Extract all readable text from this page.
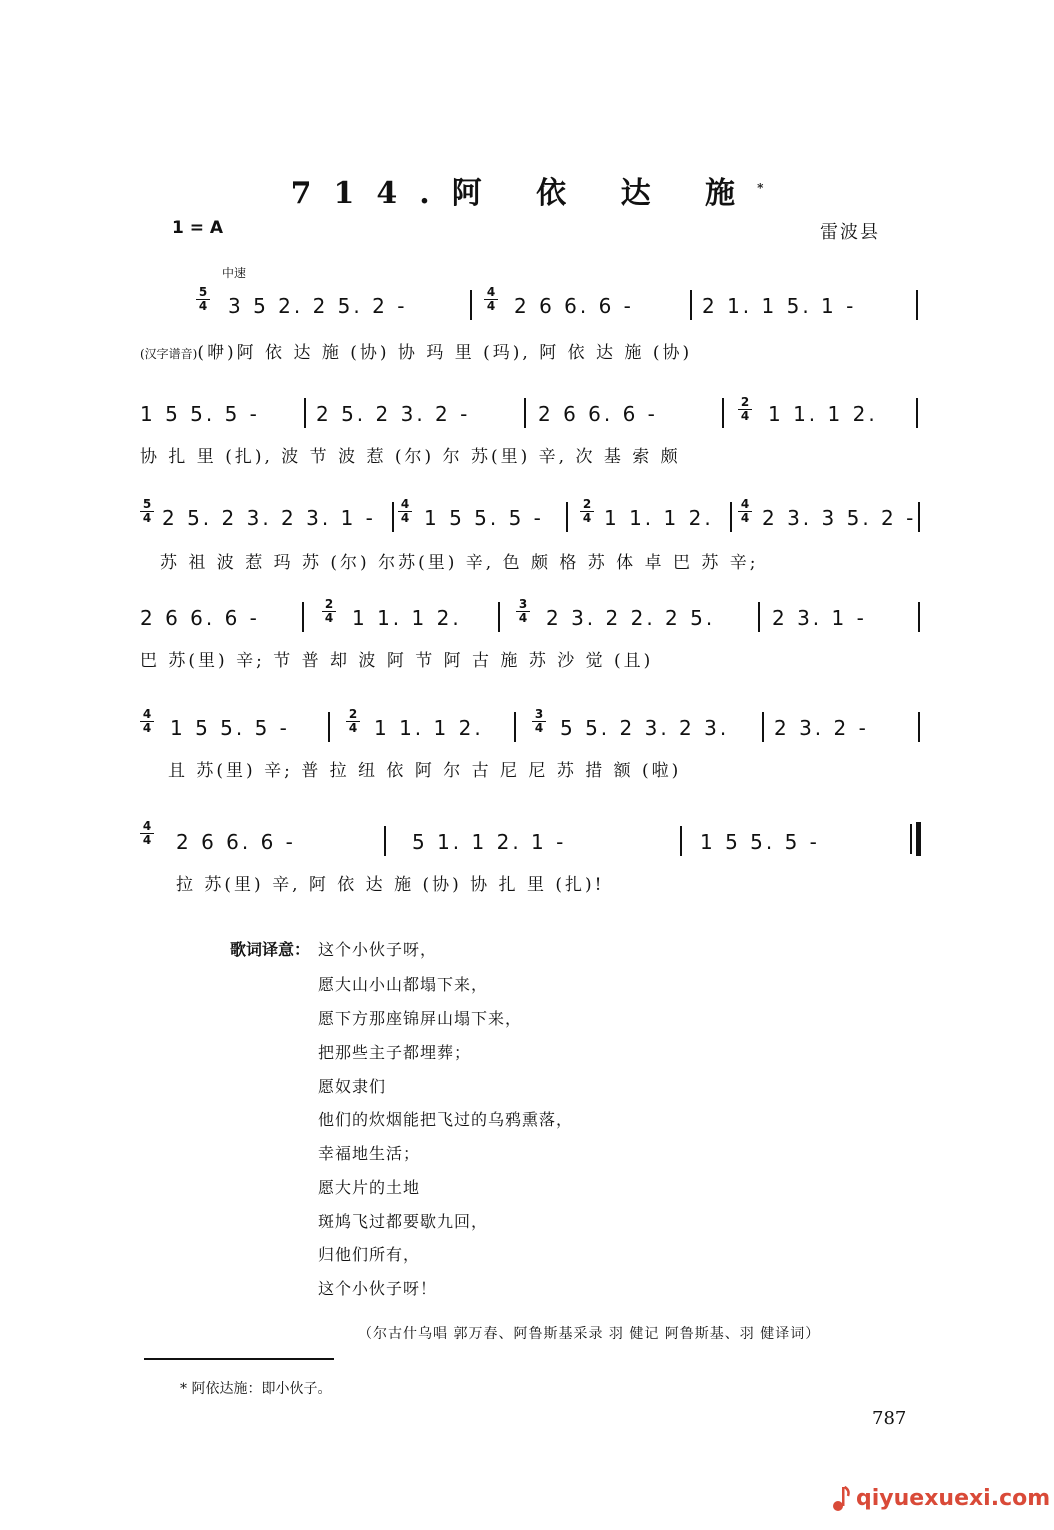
714.阿 依 达 施*
1 = A	雷波县
中速
5
4 3 5 2. 2 5. 2 -
4
4 2 6 6. 6 -	2 1. 1 5. 1 -
(汉字谱音)(咿)阿 依 达 施 (协) 协 玛 里 (玛), 阿 依 达 施 (协)
1 5 5. 5 -	2 5. 2 3. 2 -	2 6 6. 6 -	2
4 1 1. 1 2.
协 扎 里 (扎), 波 节 波 惹 (尔) 尔 苏(里) 辛, 次 基 索 颇
5
4 2 5. 2 3. 2 3. 1 -
4
4 1 5 5. 5 -
2
4 1 1. 1 2.
4
4 2 3. 3 5. 2 -
苏 祖 波 惹 玛 苏 (尔) 尔苏(里) 辛, 色 颇 格 苏 体 卓 巴 苏 辛;
2 6 6. 6 -
2
4 1 1. 1 2.
3
4 2 3. 2 2. 2 5.	2 3. 1 -
巴 苏(里) 辛; 节 普 却 波 阿 节 阿 古 施 苏 沙 觉 (且)
4
4 1 5 5. 5 -
2
4 1 1. 1 2.
3
4 5 5. 2 3. 2 3. 2 3. 2 -
且 苏(里) 辛; 普 拉 纽 依 阿 尔 古 尼 尼 苏 措 额 (啦)
4
4 2 6 6. 6 -	5 1. 1 2. 1 -	1 5 5. 5 -
拉 苏(里) 辛, 阿 依 达 施 (协) 协 扎 里 (扎)!
歌词译意： 这个小伙子呀，
愿大山小山都塌下来，
愿下方那座锦屏山塌下来，
把那些主子都埋葬；
愿奴隶们
他们的炊烟能把飞过的乌鸦熏落，
幸福地生活；
愿大片的土地
斑鸠飞过都要歇九回，
归他们所有，
这个小伙子呀！
（尔古什乌唱 郭万春、阿鲁斯基采录 羽 健记 阿鲁斯基、羽 健译词）
* 阿依达施：即小伙子。
787
qiyuexuexi.com
